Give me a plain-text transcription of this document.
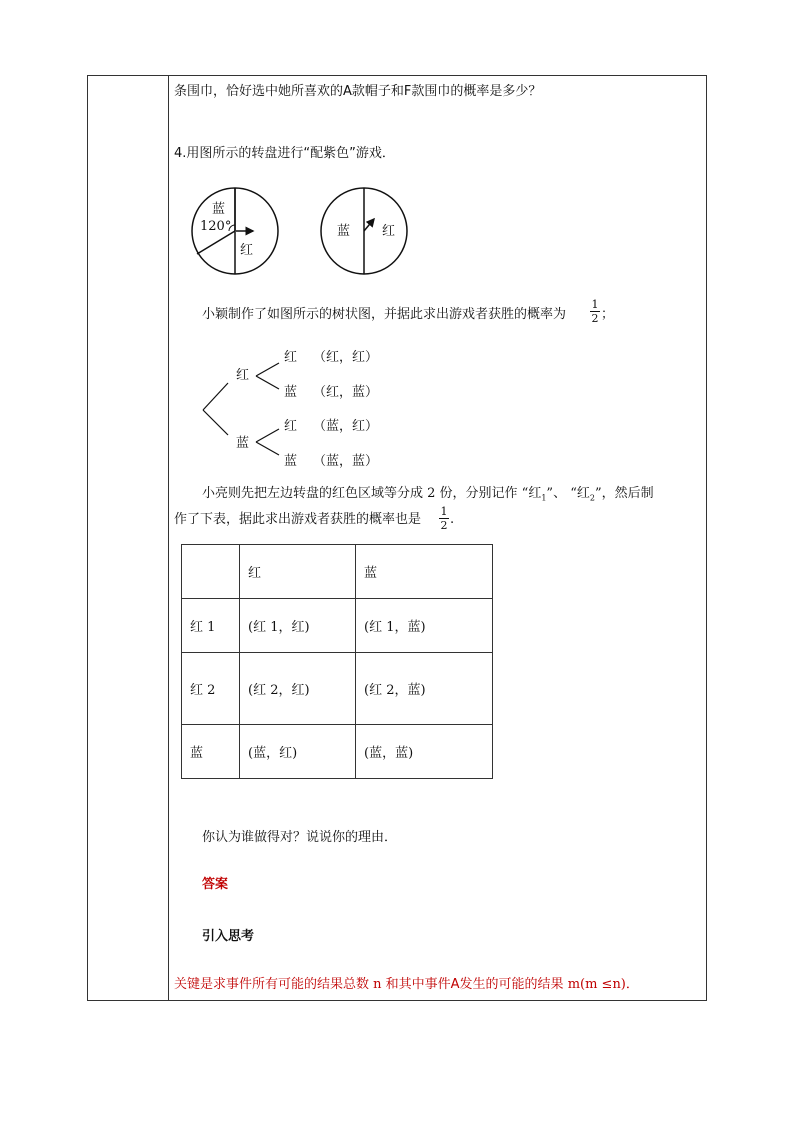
条围巾，恰好选中她所喜欢的A款帽子和F款围巾的概率是多少？
4.用图所示的转盘进行“配紫色”游戏．
蓝
120°
红
蓝 红
小颖制作了如图所示的树状图，并据此求出游戏者获胜的概率为
1
2 ；
红
蓝
红
蓝
红
蓝
（红，红）
（红，蓝）
（蓝，红）
（蓝，蓝）
小亮则先把左边转盘的红色区域等分成 2 份，分别记作 “红$_1$”、 “红$_2$”，然后制
作了下表，据此求出游戏者获胜的概率也是
1
2 .
	红	蓝
红 1	(红 1，红)	(红 1，蓝)
红 2	(红 2，红)	(红 2，蓝)
蓝	(蓝，红)	(蓝，蓝)
你认为谁做得对？说说你的理由．
答案
引入思考
关键是求事件所有可能的结果总数 n 和其中事件A发生的可能的结果 m(m ≤n)．
